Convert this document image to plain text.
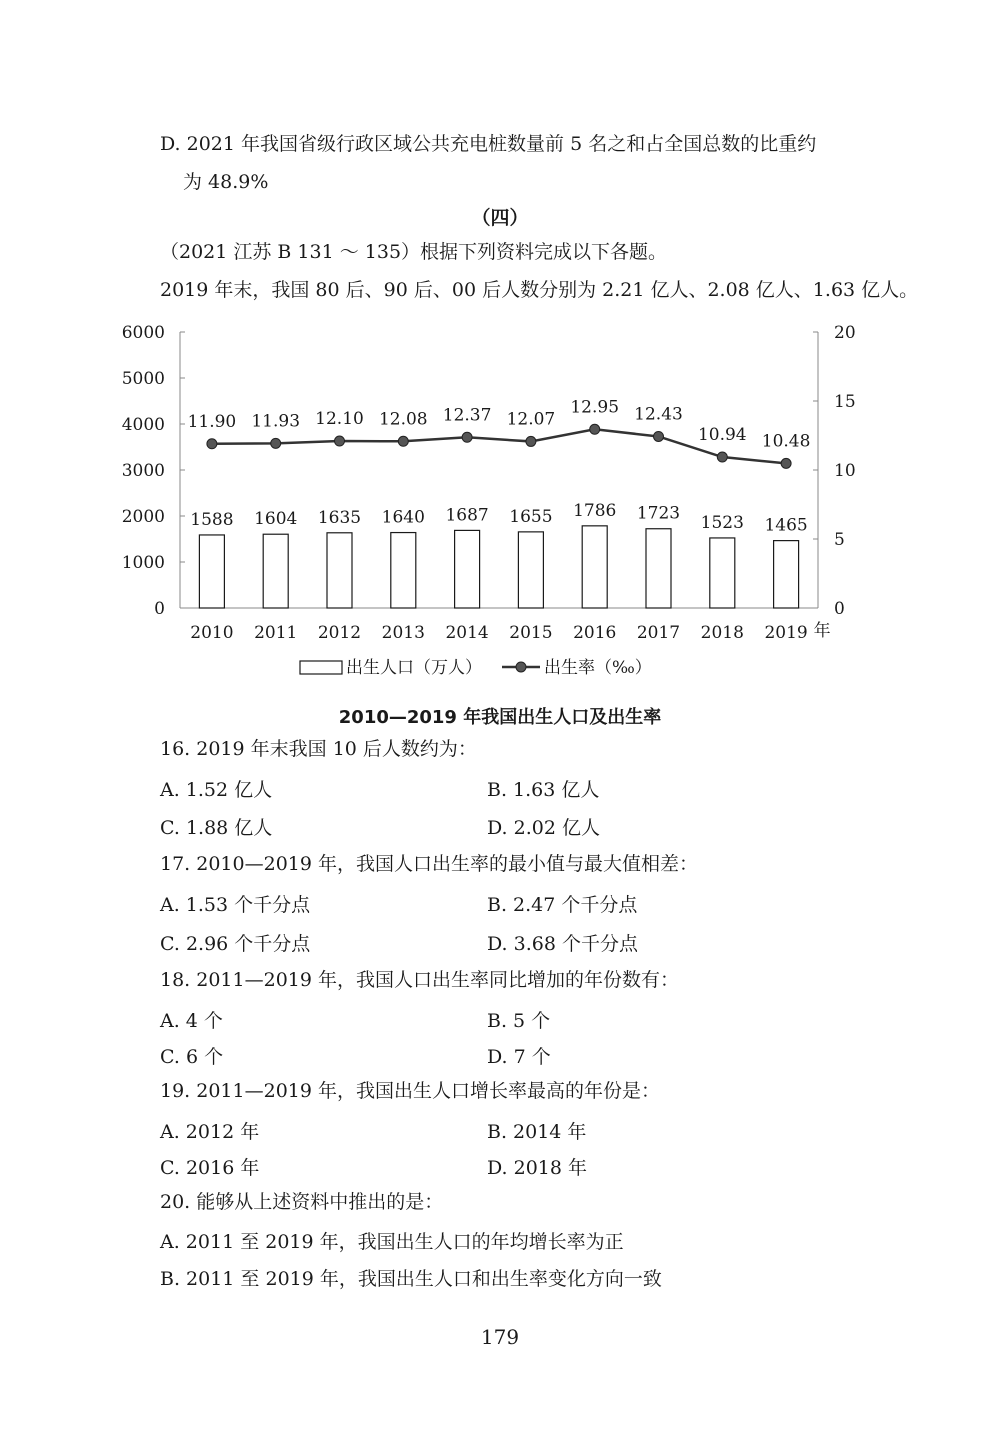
D. 2021 年我国省级行政区域公共充电桩数量前 5 名之和占全国总数的比重约
为 48.9%
（四）
（2021 江苏 B 131 ～ 135）根据下列资料完成以下各题。
2019 年末，我国 80 后、90 后、00 后人数分别为 2.21 亿人、2.08 亿人、1.63 亿人。
1588 1604 1635 1640 1687 1655 1786 1723 1523 1465
11.90 11.93 12.10 12.08 12.37 12.07
12.95 12.43
10.94 10.48
0
1000
2000
3000
4000
5000
6000
0
5
10
15
20
2010 2011 2012 2013 2014 2015 2016 2017 2018 2019 年
出生人口（万人）	出生率（‰）
2010—2019 年我国出生人口及出生率
16. 2019 年末我国 10 后人数约为：
A. 1.52 亿人	B. 1.63 亿人
C. 1.88 亿人	D. 2.02 亿人
17. 2010—2019 年，我国人口出生率的最小值与最大值相差：
A. 1.53 个千分点	B. 2.47 个千分点
C. 2.96 个千分点	D. 3.68 个千分点
18. 2011—2019 年，我国人口出生率同比增加的年份数有：
A. 4 个	B. 5 个
C. 6 个	D. 7 个
19. 2011—2019 年，我国出生人口增长率最高的年份是：
A. 2012 年	B. 2014 年
C. 2016 年	D. 2018 年
20. 能够从上述资料中推出的是：
A. 2011 至 2019 年，我国出生人口的年均增长率为正
B. 2011 至 2019 年，我国出生人口和出生率变化方向一致
179
